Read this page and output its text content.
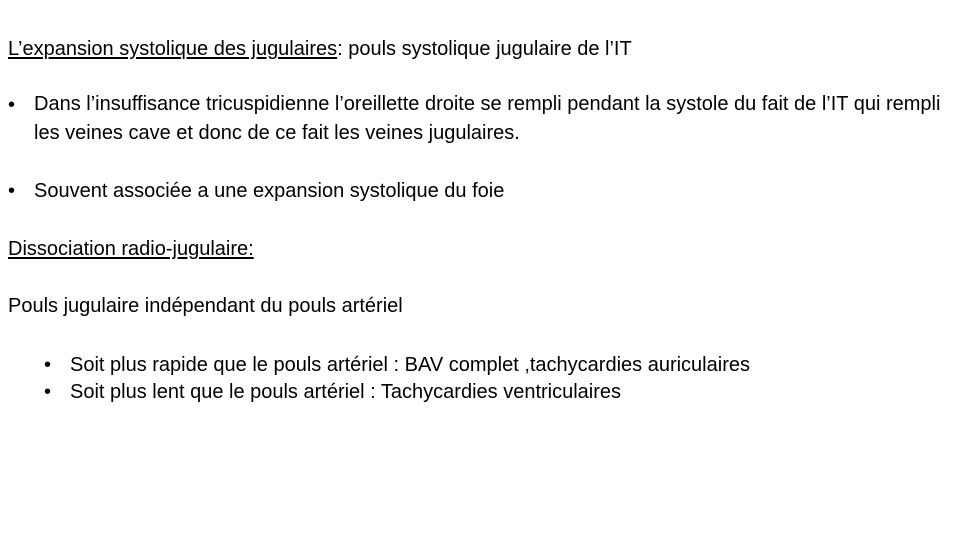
L’expansion systolique des jugulaires: pouls systolique jugulaire de l’IT
• Dans l’insuffisance tricuspidienne l’oreillette droite se rempli pendant la systole du fait de l’IT qui rempli les veines cave et donc de ce fait les veines jugulaires.
• Souvent associée a une expansion systolique du foie
Dissociation radio-jugulaire:
Pouls jugulaire indépendant du pouls artériel
• Soit plus rapide que le pouls artériel : BAV complet ,tachycardies auriculaires
• Soit plus lent que le pouls artériel : Tachycardies ventriculaires
